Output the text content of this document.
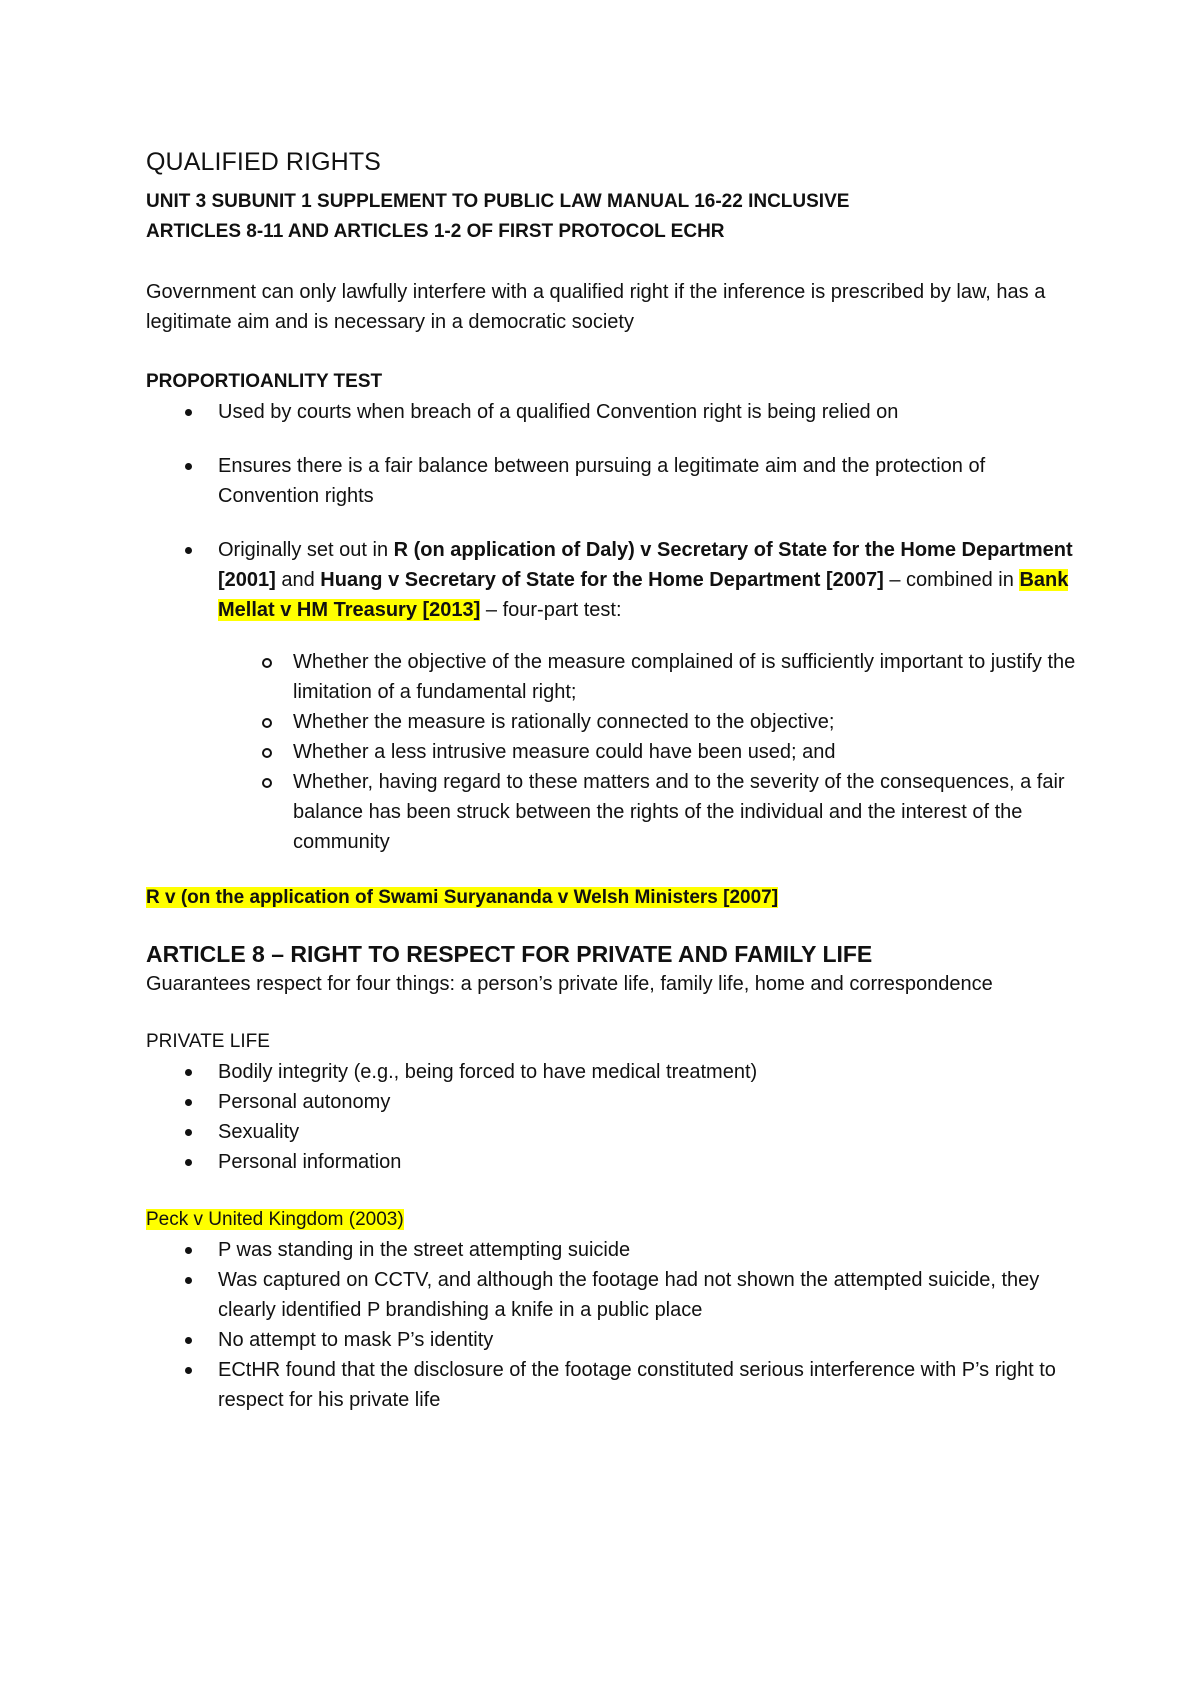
QUALIFIED RIGHTS

UNIT 3 SUBUNIT 1 SUPPLEMENT TO PUBLIC LAW MANUAL 16-22 INCLUSIVE

ARTICLES 8-11 AND ARTICLES 1-2 OF FIRST PROTOCOL ECHR

Government can only lawfully interfere with a qualified right if the inference is prescribed by law, has a legitimate aim and is necessary in a democratic society

PROPORTIOANLITY TEST

Used by courts when breach of a qualified Convention right is being relied on
Ensures there is a fair balance between pursuing a legitimate aim and the protection of Convention rights
Originally set out in R (on application of Daly) v Secretary of State for the Home Department [2001] and Huang v Secretary of State for the Home Department [2007] – combined in Bank Mellat v HM Treasury [2013] – four-part test:
Whether the objective of the measure complained of is sufficiently important to justify the limitation of a fundamental right;
Whether the measure is rationally connected to the objective;
Whether a less intrusive measure could have been used; and
Whether, having regard to these matters and to the severity of the consequences, a fair balance has been struck between the rights of the individual and the interest of the community

R v (on the application of Swami Suryananda v Welsh Ministers [2007]

ARTICLE 8 – RIGHT TO RESPECT FOR PRIVATE AND FAMILY LIFE

Guarantees respect for four things: a person’s private life, family life, home and correspondence

PRIVATE LIFE

Bodily integrity (e.g., being forced to have medical treatment)
Personal autonomy
Sexuality
Personal information

Peck v United Kingdom (2003)

P was standing in the street attempting suicide
Was captured on CCTV, and although the footage had not shown the attempted suicide, they clearly identified P brandishing a knife in a public place
No attempt to mask P’s identity
ECtHR found that the disclosure of the footage constituted serious interference with P’s right to respect for his private life
